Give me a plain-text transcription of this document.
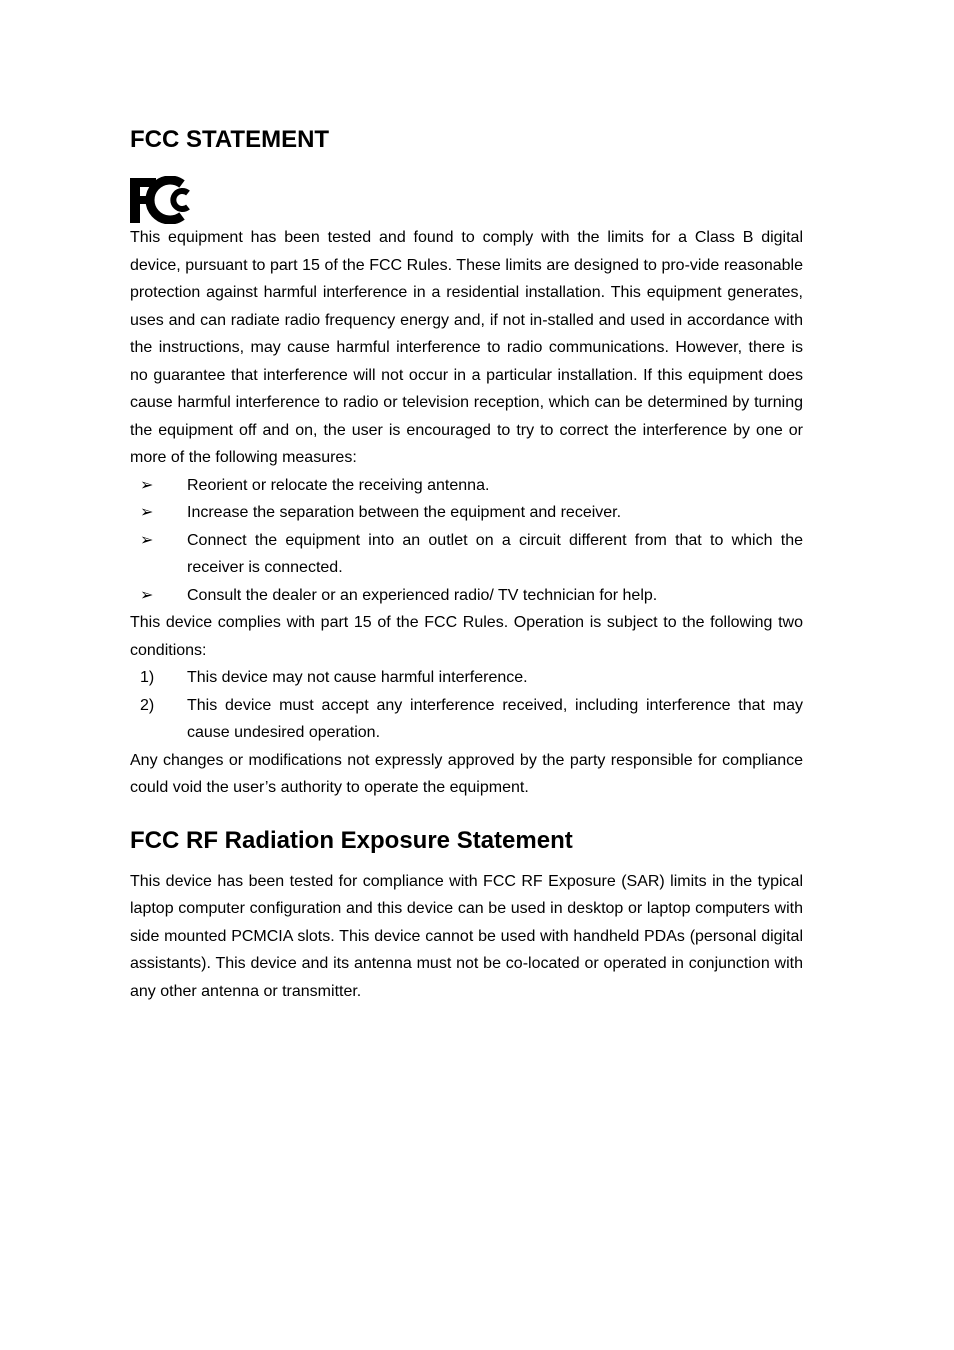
FCC STATEMENT

This equipment has been tested and found to comply with the limits for a Class B digital device, pursuant to part 15 of the FCC Rules. These limits are designed to pro-vide reasonable protection against harmful interference in a residential installation. This equipment generates, uses and can radiate radio frequency energy and, if not in-stalled and used in accordance with the instructions, may cause harmful interference to radio communications. However, there is no guarantee that interference will not occur in a particular installation. If this equipment does cause harmful interference to radio or television reception, which can be determined by turning the equipment off and on, the user is encouraged to try to correct the interference by one or more of the following measures:

➢ Reorient or relocate the receiving antenna.
➢ Increase the separation between the equipment and receiver.
➢ Connect the equipment into an outlet on a circuit different from that to which the receiver is connected.
➢ Consult the dealer or an experienced radio/ TV technician for help.

This device complies with part 15 of the FCC Rules. Operation is subject to the following two conditions:

1) This device may not cause harmful interference.
2) This device must accept any interference received, including interference that may cause undesired operation.

Any changes or modifications not expressly approved by the party responsible for compliance could void the user’s authority to operate the equipment.

FCC RF Radiation Exposure Statement

This device has been tested for compliance with FCC RF Exposure (SAR) limits in the typical laptop computer configuration and this device can be used in desktop or laptop computers with side mounted PCMCIA slots. This device cannot be used with handheld PDAs (personal digital assistants). This device and its antenna must not be co-located or operated in conjunction with any other antenna or transmitter.
